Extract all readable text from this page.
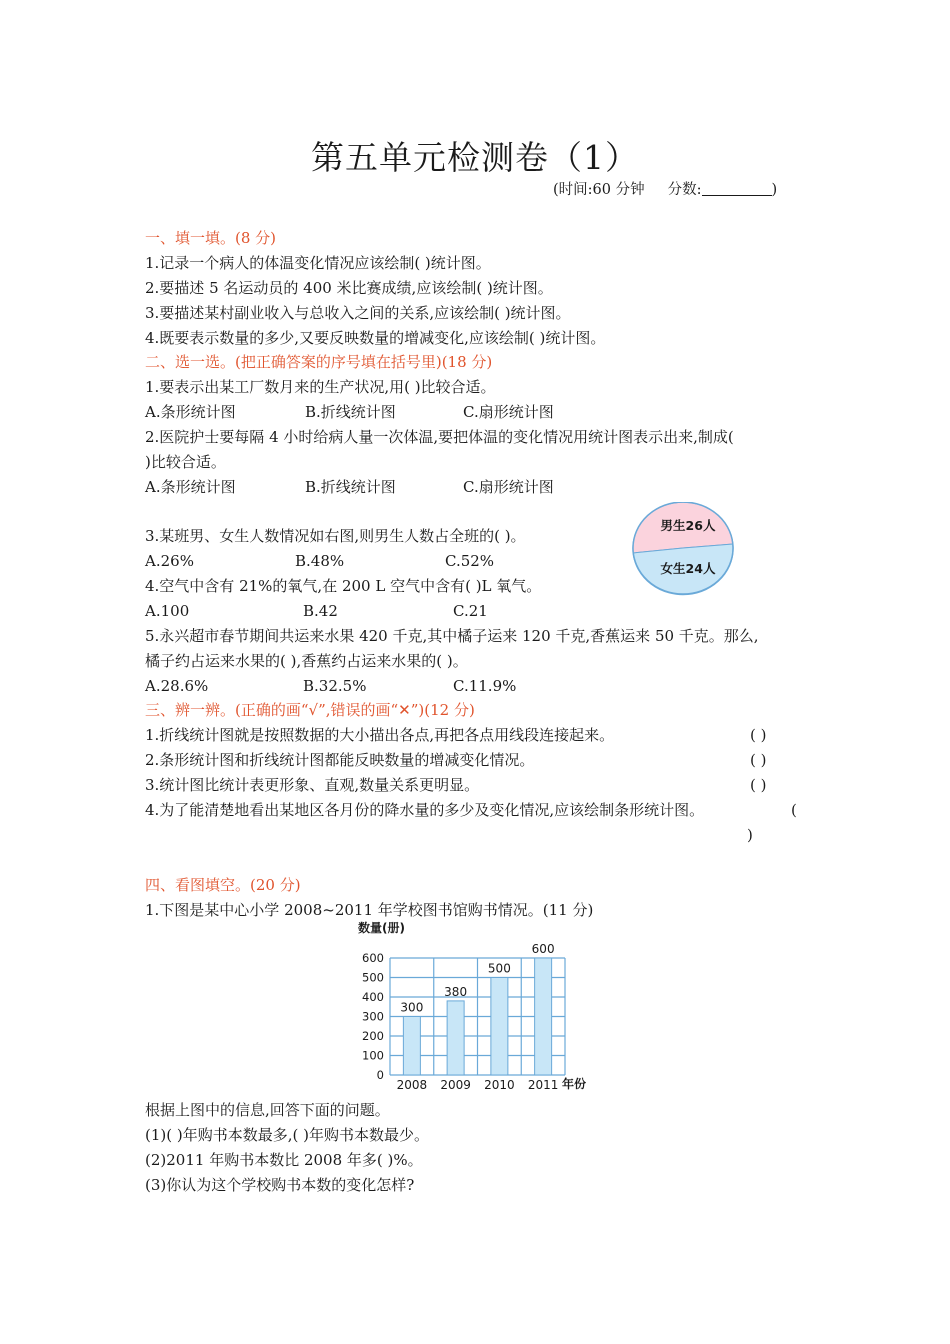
第五单元检测卷（1）
(时间:60 分钟 分数:	)
一、填一填。(8 分)
1.记录一个病人的体温变化情况应该绘制( )统计图。
2.要描述 5 名运动员的 400 米比赛成绩,应该绘制( )统计图。
3.要描述某村副业收入与总收入之间的关系,应该绘制( )统计图。
4.既要表示数量的多少,又要反映数量的增减变化,应该绘制( )统计图。
二、选一选。(把正确答案的序号填在括号里)(18 分)
1.要表示出某工厂数月来的生产状况,用( )比较合适。
A.条形统计图	B.折线统计图	C.扇形统计图
2.医院护士要每隔 4 小时给病人量一次体温,要把体温的变化情况用统计图表示出来,制成(
)比较合适。
A.条形统计图	B.折线统计图	C.扇形统计图
3.某班男、女生人数情况如右图,则男生人数占全班的( )。
A.26%	B.48%	C.52%
4.空气中含有 21%的氧气,在 200 L 空气中含有( )L 氧气。
A.100	B.42	C.21
5.永兴超市春节期间共运来水果 420 千克,其中橘子运来 120 千克,香蕉运来 50 千克。那么,
橘子约占运来水果的( ),香蕉约占运来水果的( )。
A.28.6%	B.32.5%	C.11.9%
男生26人
女生24人
三、辨一辨。(正确的画“√”,错误的画“✕”)(12 分)
1.折线统计图就是按照数据的大小描出各点,再把各点用线段连接起来。	( )
2.条形统计图和折线统计图都能反映数量的增减变化情况。	( )
3.统计图比统计表更形象、直观,数量关系更明显。	( )
4.为了能清楚地看出某地区各月份的降水量的多少及变化情况,应该绘制条形统计图。	(
)
四、看图填空。(20 分)
1.下图是某中心小学 2008~2011 年学校图书馆购书情况。(11 分)
0
100
200
300
400
500
600
300
2008
380
2009
500
2010
600
2011
数量(册)
年份
根据上图中的信息,回答下面的问题。
(1)( )年购书本数最多,( )年购书本数最少。
(2)2011 年购书本数比 2008 年多( )%。
(3)你认为这个学校购书本数的变化怎样?
